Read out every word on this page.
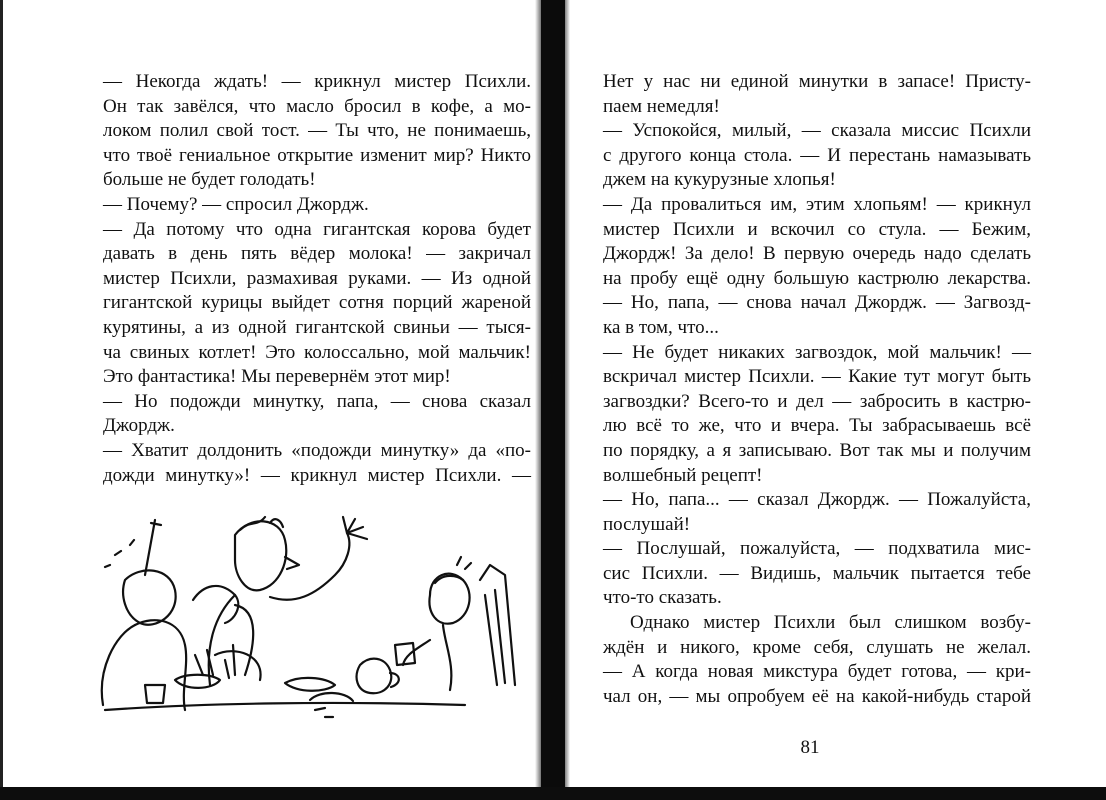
— Некогда ждать! — крикнул мистер Психли.
Он так завёлся, что масло бросил в кофе, а мо-
локом полил свой тост. — Ты что, не понимаешь,
что твоё гениальное открытие изменит мир? Никто
больше не будет голодать!
— Почему? — спросил Джордж.
— Да потому что одна гигантская корова будет
давать в день пять вёдер молока! — закричал
мистер Психли, размахивая руками. — Из одной
гигантской курицы выйдет сотня порций жареной
курятины, а из одной гигантской свиньи — тыся-
ча свиных котлет! Это колоссально, мой мальчик!
Это фантастика! Мы перевернём этот мир!
— Но подожди минутку, папа, — снова сказал
Джордж.
— Хватит долдонить «подожди минутку» да «по-
дожди минутку»! — крикнул мистер Психли. —
Нет у нас ни единой минутки в запасе! Присту-
паем немедля!
— Успокойся, милый, — сказала миссис Психли
с другого конца стола. — И перестань намазывать
джем на кукурузные хлопья!
— Да провалиться им, этим хлопьям! — крикнул
мистер Психли и вскочил со стула. — Бежим,
Джордж! За дело! В первую очередь надо сделать
на пробу ещё одну большую кастрюлю лекарства.
— Но, папа, — снова начал Джордж. — Загвозд-
ка в том, что...
— Не будет никаких загвоздок, мой мальчик! —
вскричал мистер Психли. — Какие тут могут быть
загвоздки? Всего-то и дел — забросить в кастрю-
лю всё то же, что и вчера. Ты забрасываешь всё
по порядку, а я записываю. Вот так мы и получим
волшебный рецепт!
— Но, папа... — сказал Джордж. — Пожалуйста,
послушай!
— Послушай, пожалуйста, — подхватила мис-
сис Психли. — Видишь, мальчик пытается тебе
что-то сказать.
Однако мистер Психли был слишком возбу-
ждён и никого, кроме себя, слушать не желал.
— А когда новая микстура будет готова, — кри-
чал он, — мы опробуем её на какой-нибудь старой
81
